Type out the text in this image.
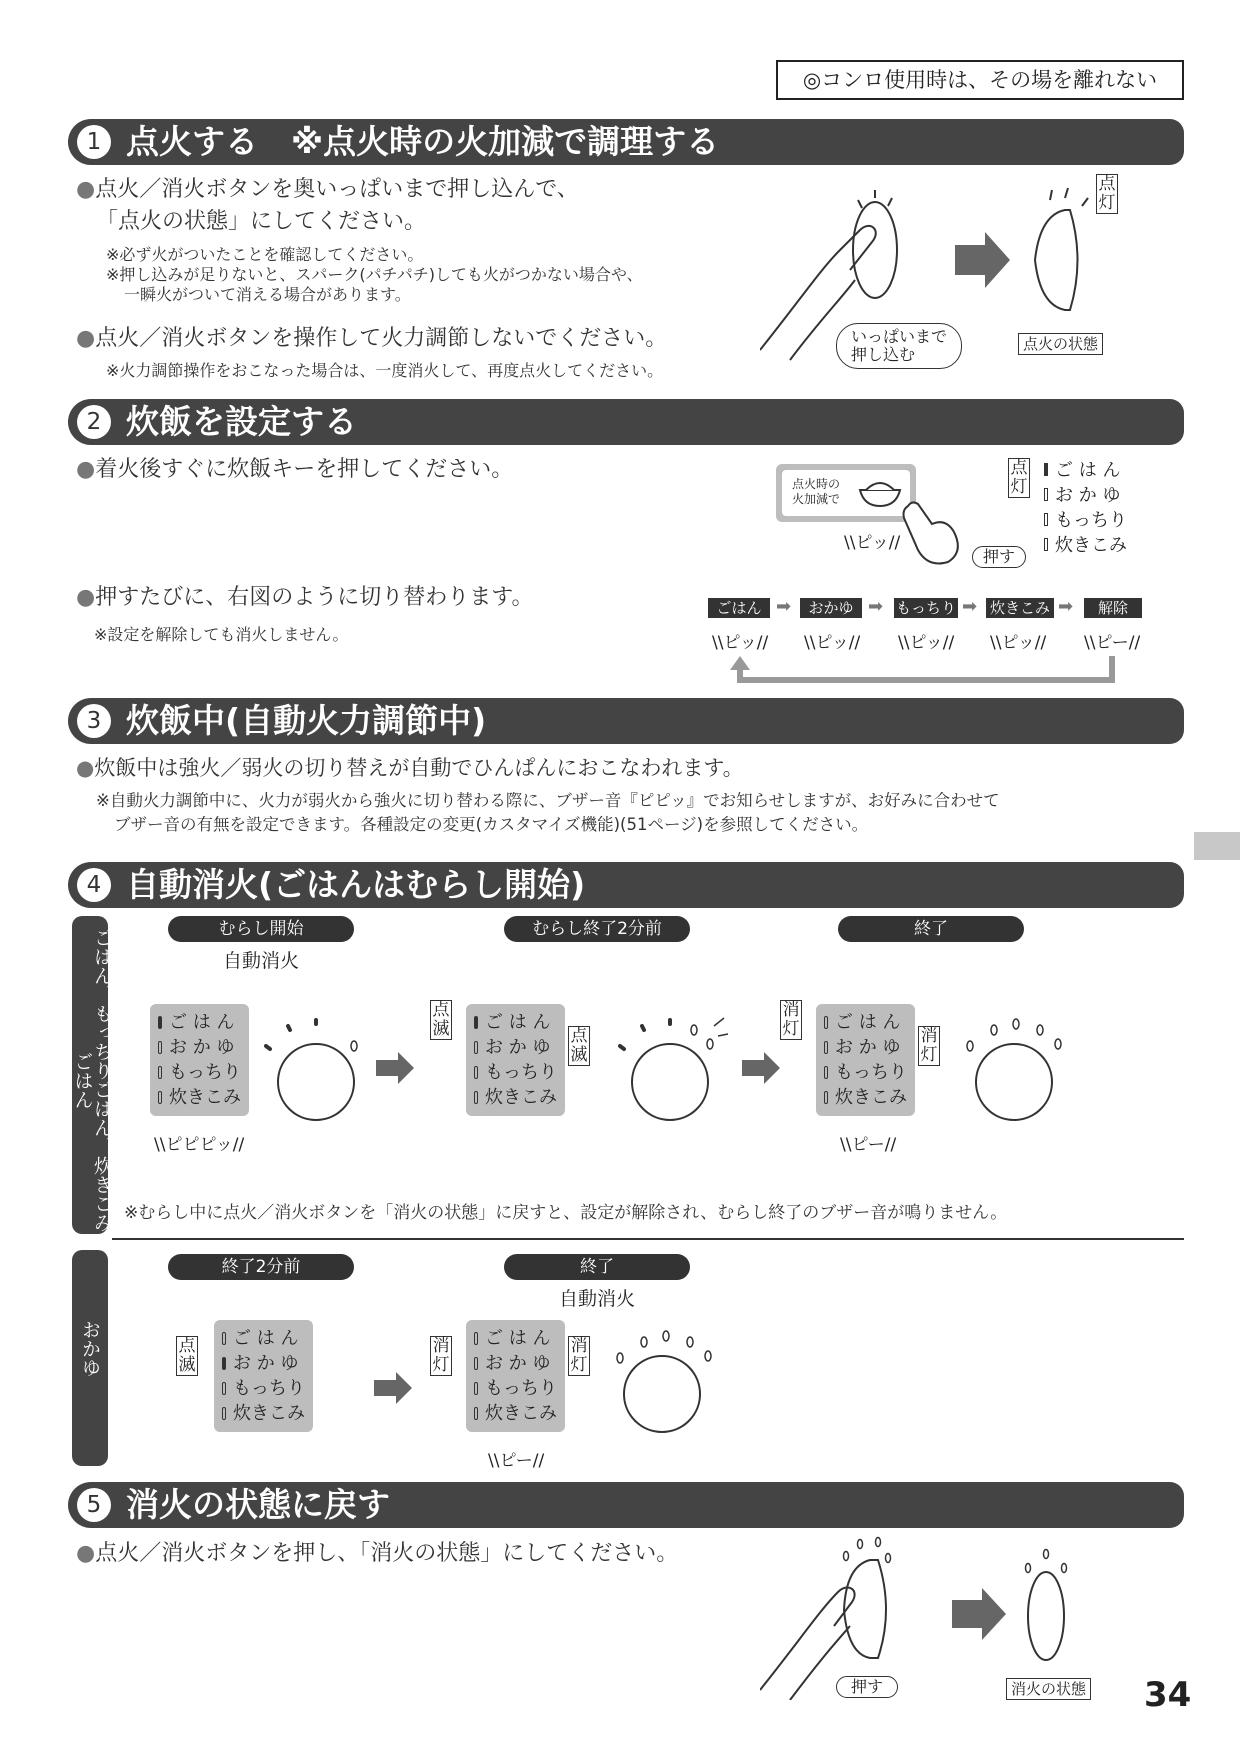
◎コンロ使用時は、その場を離れない
1 点火する　※点火時の火加減で調理する
●点火／消火ボタンを奥いっぱいまで押し込んで、
「点火の状態」にしてください。
※必ず火がついたことを確認してください。
※押し込みが足りないと、スパーク(パチパチ)しても火がつかない場合や、
一瞬火がついて消える場合があります。
●点火／消火ボタンを操作して火力調節しないでください。
※火力調節操作をおこなった場合は、一度消火して、再度点火してください。
点灯
いっぱいまで
押し込む
点火の状態
2 炊飯を設定する
●着火後すぐに炊飯キーを押してください。
●押すたびに、右図のように切り替わります。
※設定を解除しても消火しません。
点火時の
火加減で
\\ピッ//
押す
点灯
ご は ん
お か ゆ
もっちり
炊きこみ
ごはん ➡	おかゆ ➡ もっちり ➡ 炊きこみ ➡	解除
\\ピッ// \\ピッ// \\ピッ// \\ピッ// \\ピー//
3 炊飯中(自動火力調節中)
●炊飯中は強火／弱火の切り替えが自動でひんぱんにおこなわれます。
※自動火力調節中に、火力が弱火から強火に切り替わる際に、ブザー音『ピピッ』でお知らせしますが、お好みに合わせて
ブザー音の有無を設定できます。各種設定の変更(カスタマイズ機能)(51ページ)を参照してください。
4 自動消火(ごはんはむらし開始)
ごはん、もっちりごはん、炊きこみごはん
むらし開始
自動消火
むらし終了2分前	終了
ご は ん
お か ゆ
もっちり
炊きこみ
\\ピピピッ//
点滅	ご は ん
お か ゆ
もっちり
炊きこみ
点滅
消灯	ご は ん
お か ゆ
もっちり
炊きこみ
消灯
\\ピー//
※むらし中に点火／消火ボタンを「消火の状態」に戻すと、設定が解除され、むらし終了のブザー音が鳴りません。
おかゆ
終了2分前	終了
自動消火
点滅
ご は ん
お か ゆ
もっちり
炊きこみ
消灯
ご は ん
お か ゆ
もっちり
炊きこみ
消灯
\\ピー//
5 消火の状態に戻す
●点火／消火ボタンを押し、「消火の状態」にしてください。
押す	消火の状態 34
